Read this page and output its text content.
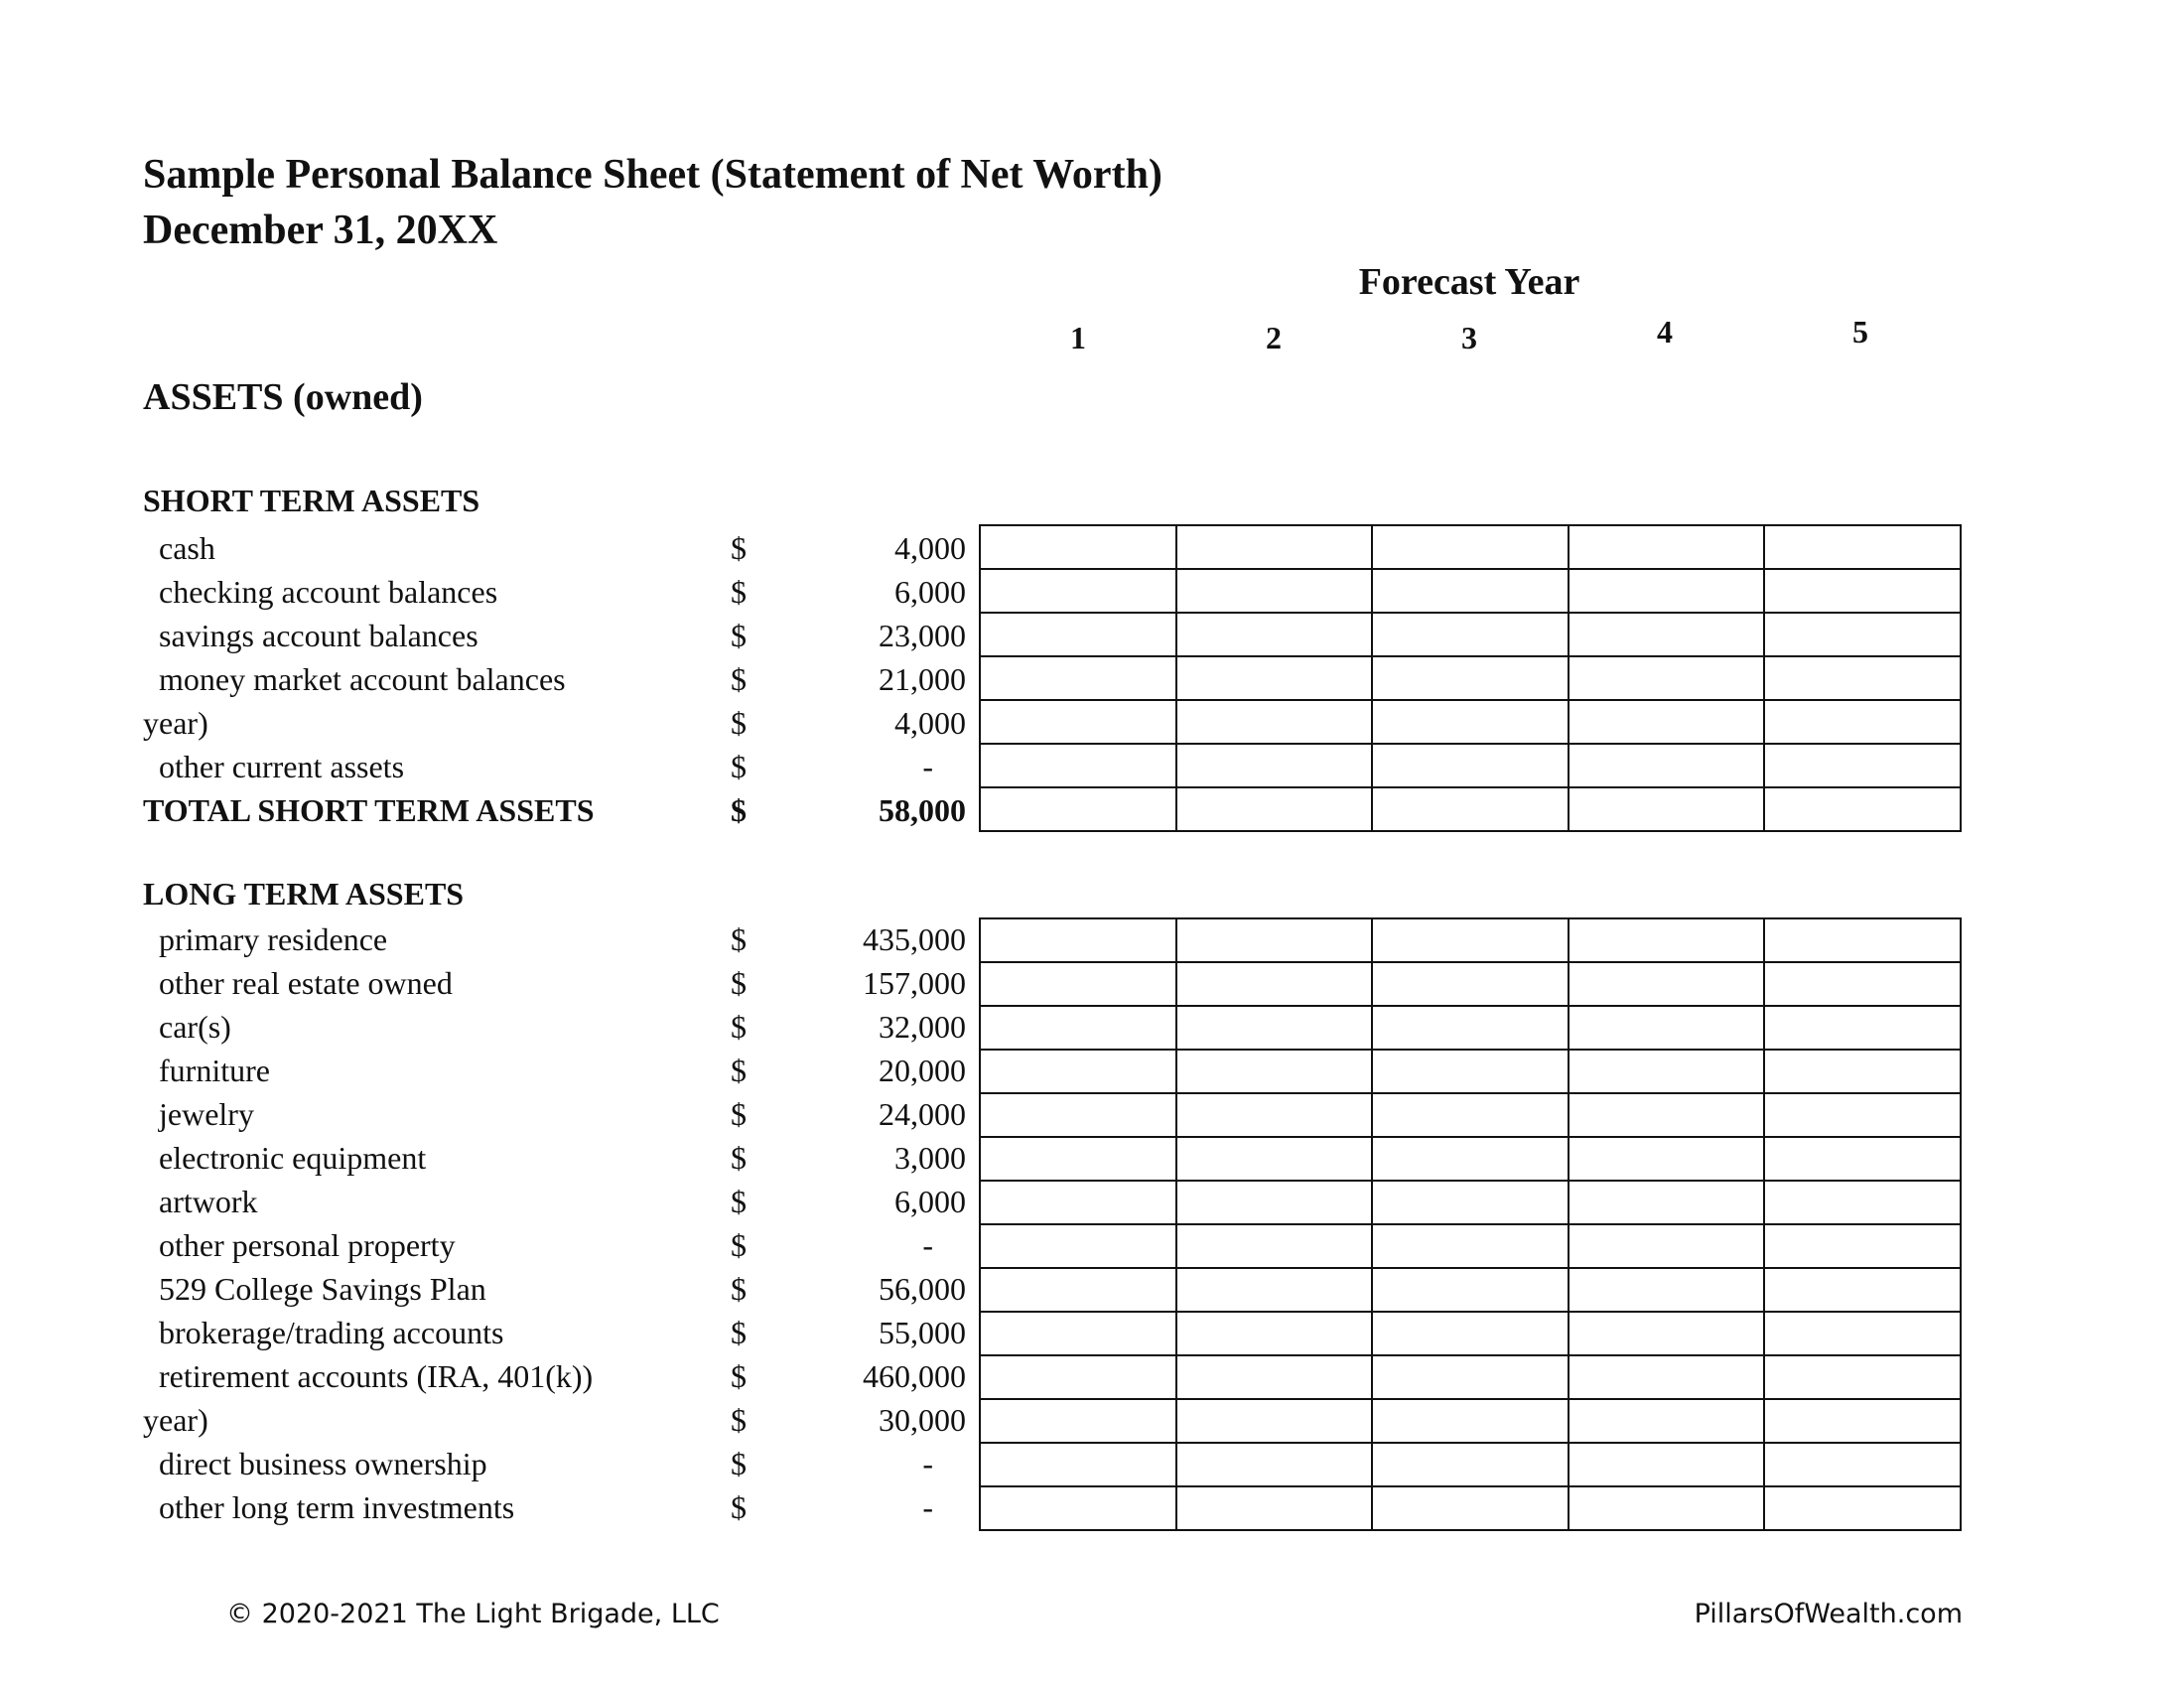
Sample Personal Balance Sheet (Statement of Net Worth)
December 31, 20XX
Forecast Year
1	2	3	4	5
ASSETS (owned)
SHORT TERM ASSETS
cash	$	4,000
checking account balances	$	6,000
savings account balances	$	23,000
money market account balances	$	21,000
year)	$	4,000
other current assets	$	-
TOTAL SHORT TERM ASSETS	$	58,000

LONG TERM ASSETS
primary residence	$	435,000
other real estate owned	$	157,000
car(s)	$	32,000
furniture	$	20,000
jewelry	$	24,000
electronic equipment	$	3,000
artwork	$	6,000
other personal property	$	-
529 College Savings Plan	$	56,000
brokerage/trading accounts	$	55,000
retirement accounts (IRA, 401(k))	$	460,000
year)	$	30,000
direct business ownership	$	-
other long term investments	$	-

© 2020-2021 The Light Brigade, LLC	PillarsOfWealth.com
